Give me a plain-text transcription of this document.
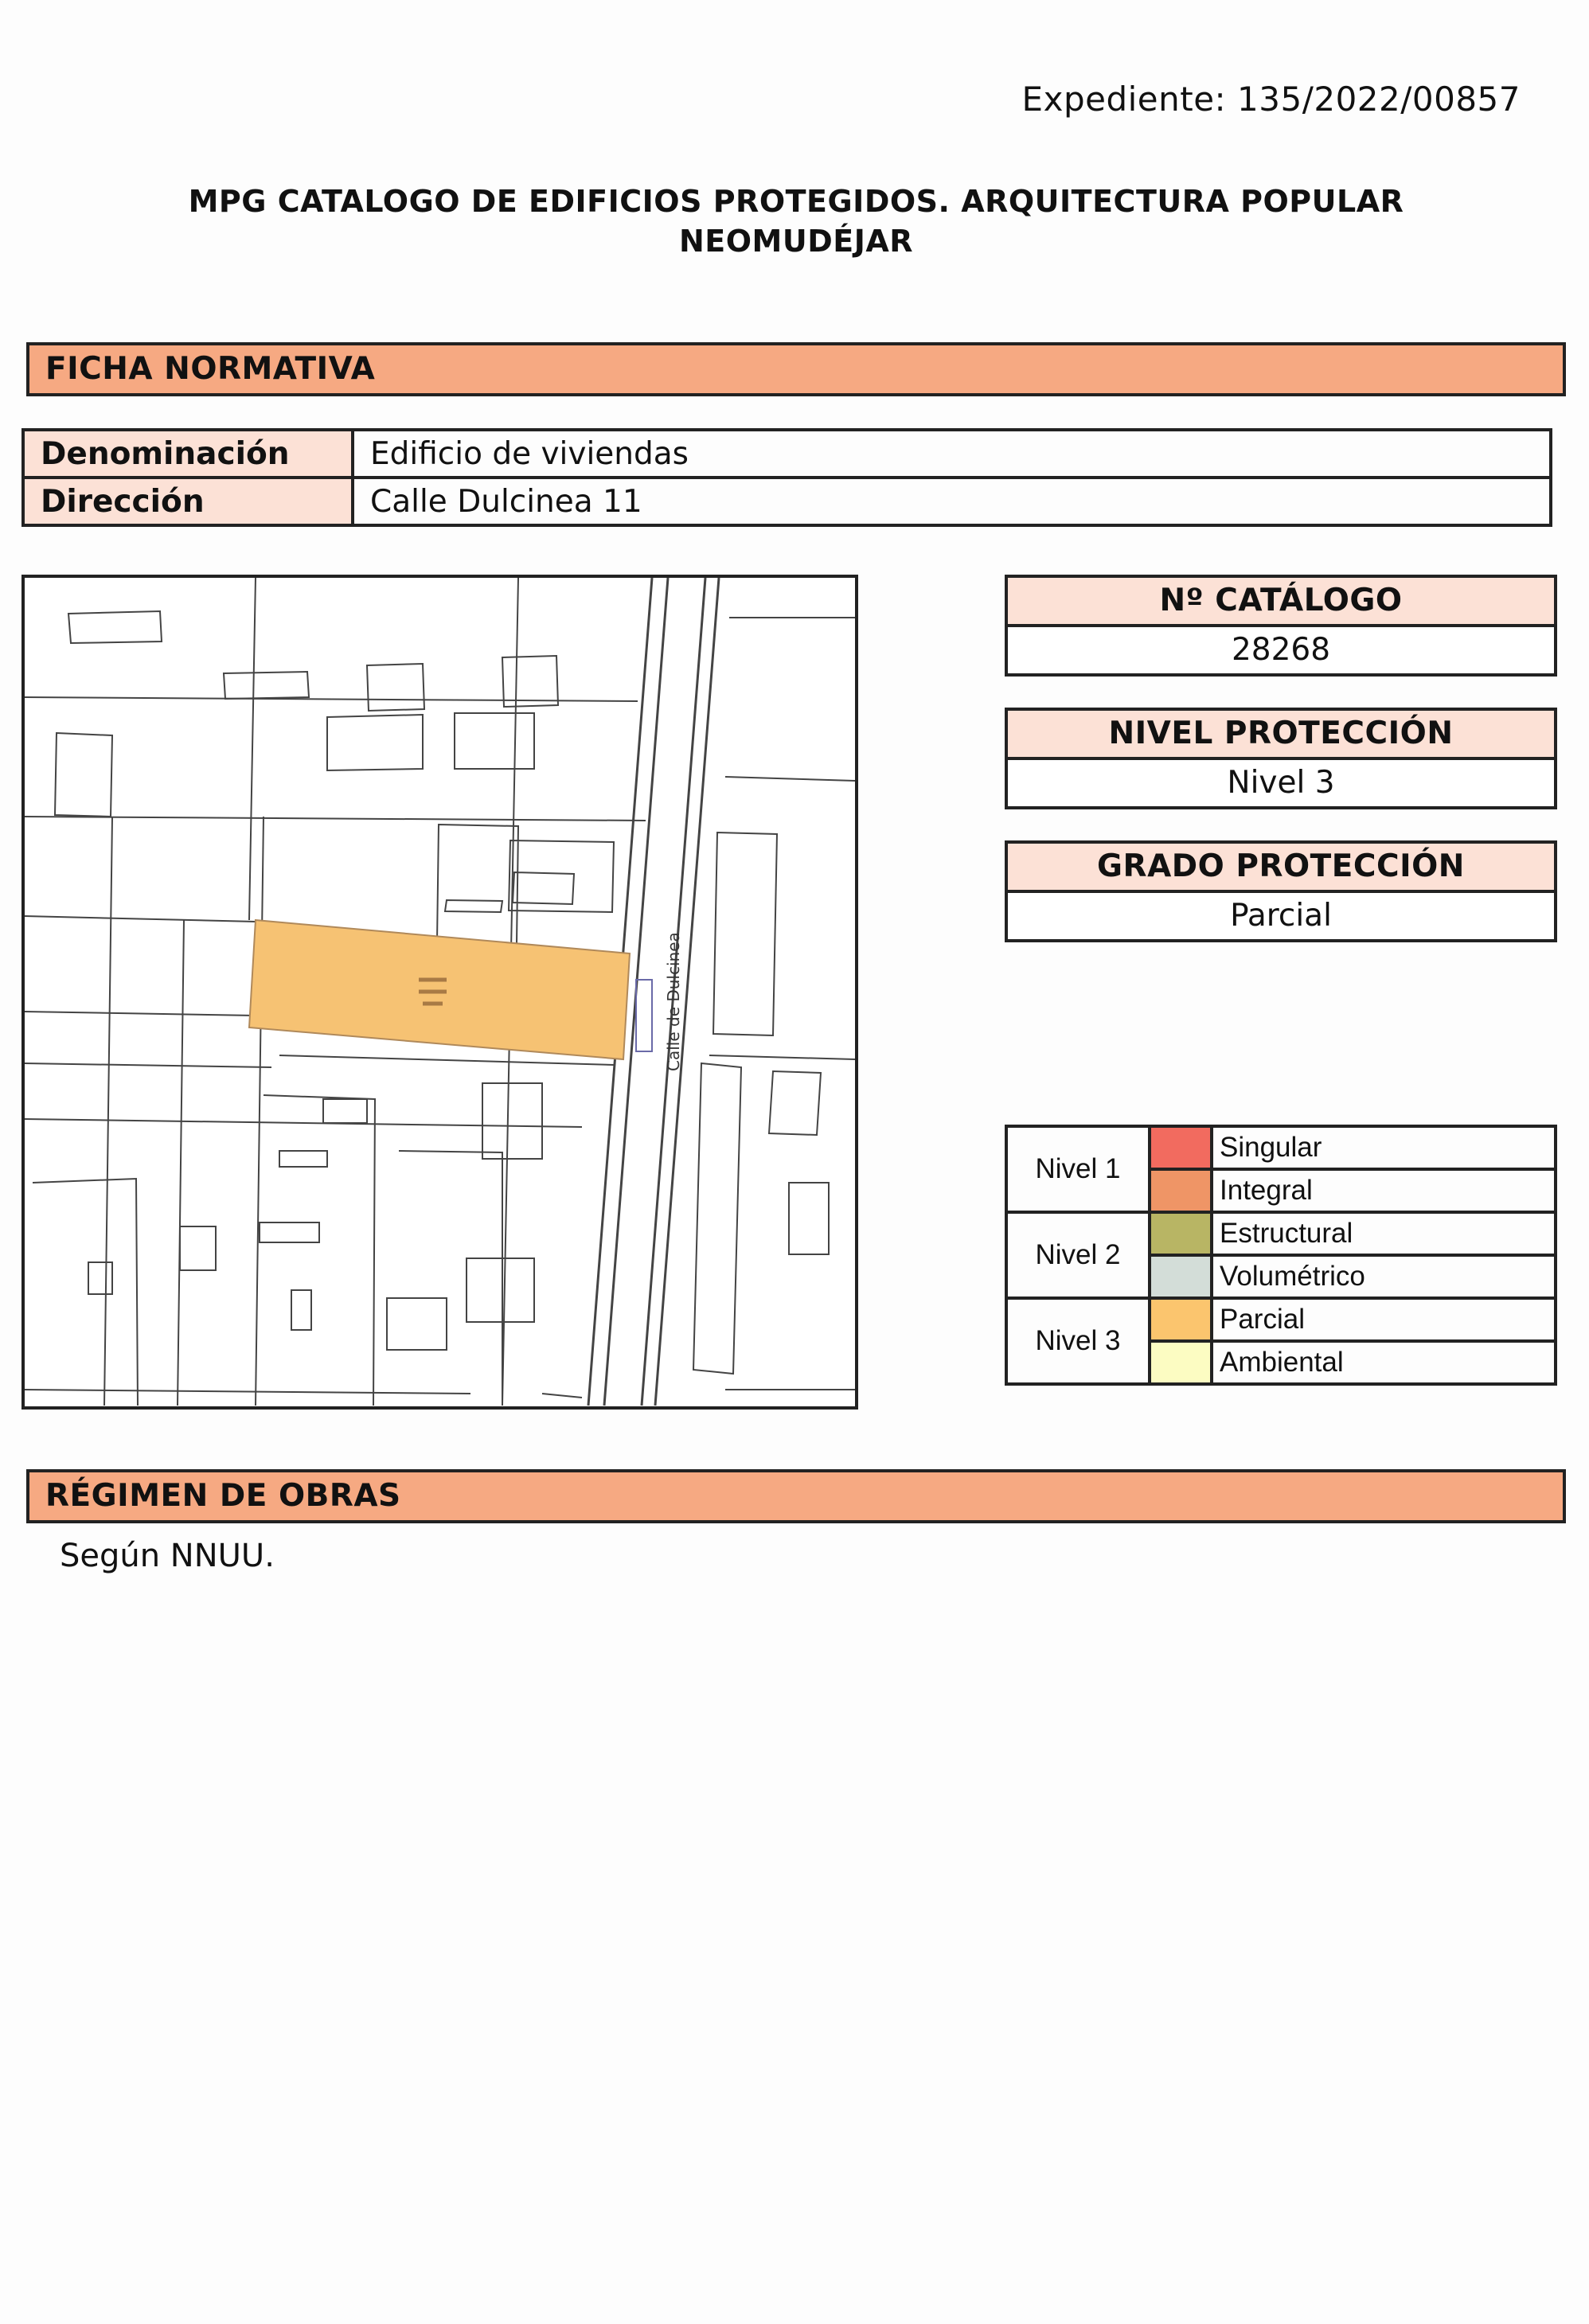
Expediente: 135/2022/00857
MPG CATALOGO DE EDIFICIOS PROTEGIDOS. ARQUITECTURA POPULAR
NEOMUDÉJAR
FICHA NORMATIVA
Denominación	Edificio de viviendas
Dirección	Calle Dulcinea 11
Calle de Dulcinea
Nº CATÁLOGO
28268
NIVEL PROTECCIÓN
Nivel 3
GRADO PROTECCIÓN
Parcial
Nivel 1		Singular
		Integral
Nivel 2		Estructural
		Volumétrico
Nivel 3		Parcial
		Ambiental
RÉGIMEN DE OBRAS
Según NNUU.
